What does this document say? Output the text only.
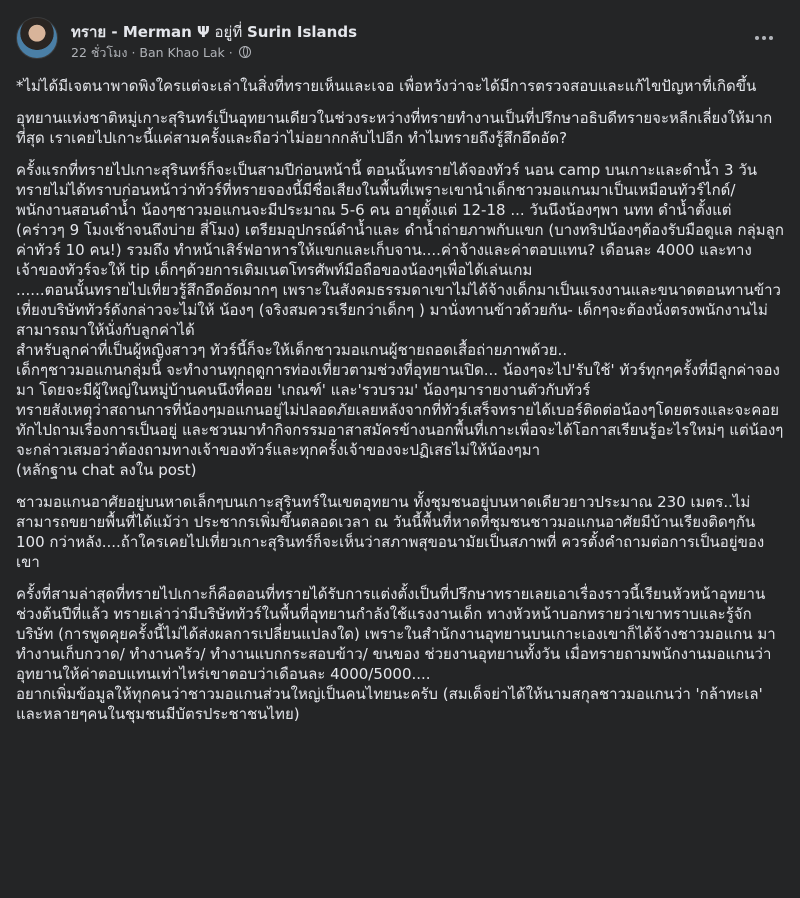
ทราย - Merman Ψ อยู่ที่ Surin Islands
22 ชั่วโมง · Ban Khao Lak ·

*ไม่ได้มีเจตนาพาดพิงใครแต่จะเล่าในสิ่งที่ทรายเห็นและเจอ เพื่อหวังว่าจะได้มีการตรวจสอบและแก้ไขปัญหาที่เกิดขึ้น

อุทยานแห่งชาติหมู่เกาะสุรินทร์เป็นอุทยานเดียวในช่วงระหว่างที่ทรายทำงานเป็นที่ปรึกษาอธิบดีทรายจะหลีกเลี่ยงให้มากที่สุด เราเคยไปเกาะนี้แค่สามครั้งและถือว่าไม่อยากกลับไปอีก ทำไมทรายถึงรู้สึกอึดอัด?

ครั้งแรกที่ทรายไปเกาะสุรินทร์ก็จะเป็นสามปีก่อนหน้านี้ ตอนนั้นทรายได้จองทัวร์ นอน camp บนเกาะและดำน้ำ 3 วัน ทรายไม่ได้ทราบก่อนหน้าว่าทัวร์ที่ทรายจองนี้มีชื่อเสียงในพื้นที่เพราะเขานำเด็กชาวมอแกนมาเป็นเหมือนทัวร์ไกด์/ พนักงานสอนดำน้ำ น้องๆชาวมอแกนจะมีประมาณ 5-6 คน อายุตั้งแต่ 12-18 ... วันนึงน้องๆพา นทท ดำน้ำตั้งแต่ (คร่าวๆ 9 โมงเช้าจนถึงบ่าย สี่โมง) เตรียมอุปกรณ์ดำน้ำและ ดำน้ำถ่ายภาพกับแขก (บางทริปน้องๆต้องรับมือดูแล กลุ่มลูกค่าทัวร์ 10 คน!) รวมถึง ทำหน้าเสิร์ฟอาหารให้แขกและเก็บจาน....ค่าจ้างและค่าตอบแทน? เดือนละ 4000 และทางเจ้าของทัวร์จะให้ tip เด็กๆด้วยการเติมเนตโทรศัพท์มือถือของน้องๆเพื่อได้เล่นเกม
......ตอนนั้นทรายไปเที่ยวรู้สึกอึดอัดมากๆ เพราะในสังคมธรรมดาเขาไม่ได้จ้างเด็กมาเป็นแรงงานและขนาดตอนทานข้าวเที่ยงบริษัททัวร์ดังกล่าวจะไม่ให้ น้องๆ (จริงสมควรเรียกว่าเด็กๆ ) มานั่งทานข้าวด้วยกัน- เด็กๆจะต้องนั่งตรงพนักงานไม่สามารถมาให้นั่งกับลูกค่าได้
สำหรับลูกค่าที่เป็นผู้หญิงสาวๆ ทัวร์นี้ก็จะให้เด็กชาวมอแกนผู้ชายถอดเสื้อถ่ายภาพด้วย..
เด็กๆชาวมอแกนกลุ่มนี้ จะทำงานทุกฤดูการท่องเที่ยวตามช่วงที่อุทยานเปิด... น้องๆจะไป'รับใช้' ทัวร์ทุกๆครั้งที่มีลูกค่าจองมา โดยจะมีผู้ใหญ่ในหมู่บ้านคนนึงที่คอย 'เกณฑ์' และ'รวบรวม' น้องๆมารายงานตัวกับทัวร์
ทรายสังเหตุว่าสถานการที่น้องๆมอแกนอยู่ไม่ปลอดภัยเลยหลังจากที่ทัวร์เสร็จทรายได้เบอร์ติดต่อน้องๆโดยตรงและจะคอยทักไปถามเรื่องการเป็นอยู่ และชวนมาทำกิจกรรมอาสาสมัครข้างนอกพื้นที่เกาะเพื่อจะได้โอกาสเรียนรู้อะไรใหม่ๆ แต่น้องๆจะกล่าวเสมอว่าต้องถามทางเจ้าของทัวร์และทุกครั้งเจ้าของจะปฏิเสธไม่ให้น้องๆมา
(หลักฐาน chat ลงใน post)

ชาวมอแกนอาศัยอยู่บนหาดเล็กๆบนเกาะสุรินทร์ในเขตอุทยาน ทั้งชุมชนอยู่บนหาดเดียวยาวประมาณ 230 เมตร..ไม่สามารถขยายพื้นที่ได้แม้ว่า ประชากรเพิ่มขึ้นตลอดเวลา ณ วันนี้พื้นที่หาดที่ชุมชนชาวมอแกนอาศัยมีบ้านเรียงติดๆกัน 100 กว่าหลัง....ถ้าใครเคยไปเที่ยวเกาะสุรินทร์ก็จะเห็นว่าสภาพสุขอนามัยเป็นสภาพที่ ควรตั้งคำถามต่อการเป็นอยู่ของเขา

ครั้งที่สามล่าสุดที่ทรายไปเกาะก็คือตอนที่ทรายได้รับการแต่งตั้งเป็นที่ปรึกษาทรายเลยเอาเรื่องราวนี้เรียนหัวหน้าอุทยานช่วงต้นปีที่แล้ว ทรายเล่าว่ามีบริษัททัวร์ในพื้นที่อุทยานกำลังใช้แรงงานเด็ก ทางหัวหน้าบอกทรายว่าเขาทราบและรู้จักบริษัท (การพูดคุยครั้งนี้ไม่ได้ส่งผลการเปลี่ยนแปลงใด) เพราะในสำนักงานอุทยานบนเกาะเองเขาก็ได้จ้างชาวมอแกน มาทำงานเก็บกวาด/ ทำงานครัว/ ทำงานแบกกระสอบข้าว/ ขนของ ช่วยงานอุทยานทั้งวัน เมื่อทรายถามพนักงานมอแกนว่าอุทยานให้ค่าตอบแทนเท่าไหร่เขาตอบว่าเดือนละ 4000/5000....
อยากเพิ่มข้อมูลให้ทุกคนว่าชาวมอแกนส่วนใหญ่เป็นคนไทยนะครับ (สมเด็จย่าได้ให้นามสกุลชาวมอแกนว่า 'กล้าทะเล' และหลายๆคนในชุมชนมีบัตรประชาชนไทย)
